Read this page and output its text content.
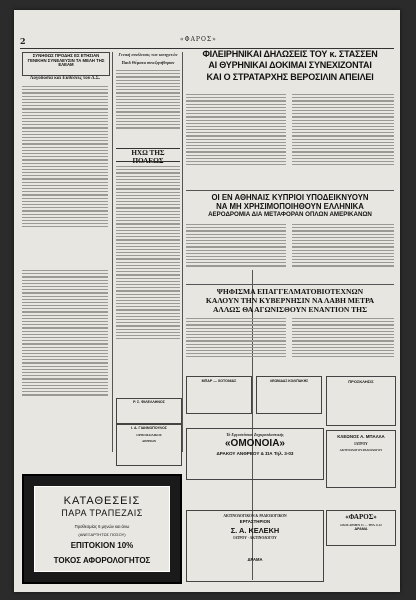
2	«ΦΑΡΟΣ»
ΣΥΝΗΘΩΣ ΠΡΟΔΗΣ ΕΣ ΕΤΗΣΙΑΝ ΓΕΝΙΚΗΝ ΣΥΝΕΛΕΥΣΙΝ ΤΑ ΜΕΛΗ ΤΗΣ ΕΛΕΑΜ
Λογοδοσία και Εκθέσεις του Δ.Σ.
Γενική συνέλευσις των κυνηγετών
Παιδ Θέματα συνεζητήθησαν
ΗΧΩ ΤΗΣ ΠΟΛΕΩΣ
ΦΙΛΕΙΡΗΝΙΚΑΙ ΔΗΛΩΣΕΙΣ ΤΟΥ κ. ΣΤΑΣΣΕΝ
ΑΙ ΘΥΡΗΝΙΚΑΙ ΔΟΚΙΜΑΙ ΣΥΝΕΧΙΖΟΝΤΑΙ
ΚΑΙ Ο ΣΤΡΑΤΑΡΧΗΣ ΒΕΡΟΣΙΛΙΝ ΑΠΕΙΛΕΙ
ΟΙ ΕΝ ΑΘΗΝΑΙΣ ΚΥΠΡΙΟΙ ΥΠΟΔΕΙΚΝΥΟΥΝ
ΝΑ ΜΗ ΧΡΗΣΙΜΟΠΟΙΗΘΟΥΝ ΕΛΛΗΝΙΚΑ
ΑΕΡΟΔΡΟΜΙΑ ΔΙΑ ΜΕΤΑΦΟΡΑΝ ΟΠΛΩΝ ΑΜΕΡΙΚΑΝΩΝ
ΨΗΦΙΣΜΑ ΕΠΑΓΓΕΛΜΑΤΟΒΙΟΤΕΧΝΩΝ
ΚΑΛΟΥΝ ΤΗΝ ΚΥΒΕΡΝΗΣΙΝ ΝΑ ΛΑΒΗ ΜΕΤΡΑ
ΑΛΛΩΣ ΘΑ ΑΓΩΝΙΣΘΟΥΝ ΕΝΑΝΤΙΟΝ ΤΗΣ
Ρ. Σ. ΦΙΛΕΛΛΗΝΟΣ
Ι. Α. ΓΙΑΝΝΟΠΟΥΛΟΣ
ΟΡΘΟΠΑΙΔΙΚΟΣ
ΑΘΗΝΩΝ
ΜΠΑΡ — ΧΟΤΟΝΙΑΣ	ΛΕΩΝΙΔΑΣ ΚΟΛΙΠΑΚΗΣ	ΠΡΟΣΚΛΗΣΙΣ
Τό Εργοστάσιον Ζαχαροπλαστικής
«ΟΜΟΝΟΙΑ»
ΔΡΑΚΟΥ ΑΝΘΡΕΟΥ & ΣΙΑ Τηλ. 3-03
ΚΛΕΩΝΟΣ Α. ΜΠΑΛΛΑ
ΙΑΤΡΟΥ
ΑΚΤΙΝΟΛΟΓΟΥ-ΡΑΔΙΟΛΟΓΟΥ
ΑΚΤΙΝΟΛΟΓΙΚΟΝ & ΡΑΔΙΟΛΟΓΙΚΟΝ
ΕΡΓΑΣΤΗΡΙΟΝ
Σ. Α. ΚΕΛΕΚΗ
ΙΑΤΡΟΥ - ΑΚΤΙΝΟΛΟΓΟΥ
ΔΡΑΜΑ
«ΦΑΡΟΣ»
ΟΔΟΣ ΑΡΜΕΝ 11 — ΤΗΛ. 6-22
ΔΡΑΜΑ
ΚΑΤΑΘΕΣΕΙΣ
ΠΑΡΑ ΤΡΑΠΕΖΑΙΣ
Προθεσμίας 6 μηνών και άνω
(ΑΝΕΞΑΡΤΗΤΩΣ ΠΟΣΟΥ)
ΕΠΙΤΟΚΙΟΝ 10%
ΤΟΚΟΣ ΑΦΟΡΟΛΟΓΗΤΟΣ
